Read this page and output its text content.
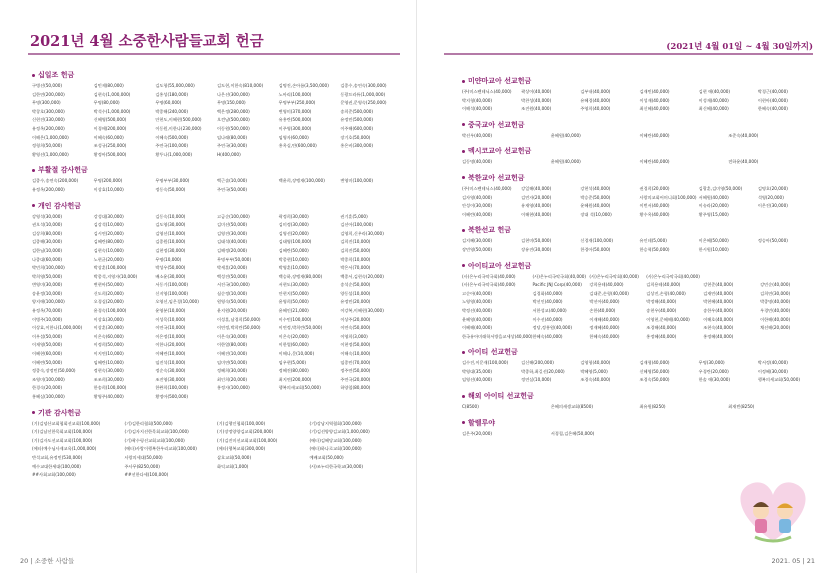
2021년 4월 소중한사람들교회 헌금
십일조 헌금
구병선(50,000)	김민제(80,000)	김도형(55,000,000)	김도현,이한숙(810,000)	김명진,손아름(3,500,000)	김종수,송연숙(300,000)
김한연(200,000)	김현숙(1,000,000)	김홍성(180,000)	나은선(300,000)	노아리(100,000)	동광프라튜(1,000,000)
무명(300,000)	무명(80,000)	무명(60,000)	무명(150,000)	무명부부(250,000)	문영권,문영숙(250,000)
박창호(300,000)	박석수(1,000,000)	박종해(240,000)	백은정(280,000)	변영미(370,000)	송희준(500,000)
신현진(330,000)	신혜영(500,000)	안현도,이혜현(500,000)	오견남(500,000)	유홍란(500,000)	유정민(500,000)
유정옥(200,000)	이경애(200,000)	이동원,이한나(230,000)	이동원(500,000)	이주영(300,000)	이주해(600,000)
이해은(1,000,000)	이혜숙(60,000)	이혜숙(500,000)	임나래(80,000)	임영자(60,000)	장기호(50,000)
정형희(50,000)	조성규(250,000)	주연국(100,000)	주연국(30,000)	홍옥실,탄(600,000)	홍은비(300,000)
황영선(1,000,000)	황정아(500,000)	황투나(1,000,000)	H(400,000)
부활절 감사헌금
김종수,송연숙(200,000)	무명(200,000)	무명부부(30,000)	백근솔(10,000)	백윤희,장엥재(100,000)	변영미(100,000)
유정옥(200,000)	이상효(10,000)	정동숙(50,000)	주연국(50,000)
개인 감사헌금
강영석(30,000)	강성대(30,000)	김동숙(10,000)	고금순(100,000)	곽정희(30,000)	권기훈(5,000)
권오석(10,000)	김강석(10,000)	김도영(30,000)	김미선(50,000)	김미정(30,000)	김선아(100,000)
김상희(80,000)	김시연(20,000)	김영선(10,000)	김영진(30,000)	김영선(20,000)	김영희,신우라(30,000)
김종해(30,000)	김혜란(80,000)	김종원(10,000)	김태석(40,000)	김태영(100,000)	김희진(10,000)
김한님(10,000)	김현숙(10,000)	김현정(30,000)	김해정(20,000)	김혜란(50,000)	김희진(50,000)
나종대(60,000)	노현균(20,000)	무명(10,000)	무명부부(50,000)	박종현(10,000)	박종희(10,000)
박민희(100,000)	박상훈(100,000)	박성우(50,000)	박세훈(20,000)	박영훈(10,000)	박은서(70,000)
박희영(50,000)	박종석,지영자(10,000)	배소윤(30,000)	백성진(50,000)	백승하,장엥재(80,000)	백종서,김현숙(20,000)
변영미(30,000)	변현아(50,000)	서동기(100,000)	서진국(100,000)	서현도(30,000)	송석순(50,000)
송윤정(10,000)	신도희(20,000)	신지영(100,000)	심순정(10,000)	안현지(50,000)	양동섭(10,000)
양지애(100,000)	오경실(20,000)	오영선,임은경(10,000)	원영숙(50,000)	윤영희(50,000)	유정민(20,000)
유정옥(70,000)	윤경숙(100,000)	윤영분(10,000)	윤지원(20,000)	윤혜인(21,000)	이강복,이혜현(30,000)
이병주(10,000)	이상효(30,000)	이성목(10,000)	이성훈,남경희(50,000)	이수민(100,000)	이상주(20,000)
이상효,이한나(1,000,000)	이상훈(30,000)	이연국(10,000)	이연정,박희란(50,000)	이연정,박희란(50,000)	이연숙(50,000)
이우섭(50,000)	이은숙(60,000)	이은정(10,000)	이은숙(30,000)	이은숙(20,000)	이영희(3,000)
이재영(50,000)	이정희(50,000)	이한나(20,000)	이한열(80,000)	이한열(60,000)	이현정(50,000)
이혜현(60,000)	이지연(10,000)	이혜련(10,000)	이혜진(10,000)	이해나,문(10,000)	이해숙(10,000)
이혜련(50,000)	임혜란(10,000)	임진석(10,000)	임미연(50,000)	임우현(5,000)	임종민(70,000)
정종숙,장정민(50,000)	정현숙(30,000)	정순숙(30,000)	정혜희(30,000)	정혜진(80,000)	정주연(50,000)
조영미(100,000)	조조희(30,000)	조진영(30,000)	최인희(20,000)	최지연(200,000)	주연국(20,000)
한경숙(20,000)	한송희(100,000)	한완희(100,000)	홍정자(100,000)	행복의새교회(50,000)	하양철(80,000)
홍혜실(100,000)	황영주(40,000)	황정아(500,000)
기관 감사헌금
(기)김녕산교회협회선교회(100,000)	(기)김한리협회(500,000)	(기)김행인협회(100,000)	(기)강남지역협회(100,000)
(기)김남선한목회교회(100,000)	(기)김자지선한목회교회(100,000)	(기)장정양양김교회(200,000)	(기)김선양양김교회(1,000,000)
(기)김자도선교회교회(100,000)	(기)곽수평선교회교회(100,000)	(기)김진미선교회교회(100,000)	(에타)김혜당교회(100,000)
(에타)예수님사제교육(1,000,000)	(에타)사랑이행복한우리교회(100,000)	(에타)행복교회(300,000)	(에타)하나로교회(100,000)
반석교회,유정민(530,000)	사랑의세대(50,000)	삼호교회(50,000)	예배교회(50,000)
예수교대한세대(100,000)	주사무(8250,000)	화익교회(1,000)	(사)조누리한국학교(30,000)
##사회교회(100,000)	##선한다세(100,000)
20 | 소중한 사람들
(2021년 4월 01일 ~ 4월 30일까지)
미얀마교아 선교헌금
(주)미스펜테닉스(40,000)	곽상이(40,000)	김부내(40,000)	김재민(40,000)	김현 애(40,000)	박경근(40,000)
박지형(40,000)	박찬성(40,000)	유혜경(40,000)	이성재(40,000)	이성재(40,000)	이현아(40,000)
이해석(40,000)	조진원(40,000)	주영희(40,000)	최신혜(40,000)	최신혜(40,000)	한혜숙(40,000)
중국교아 선교헌금
박선우(40,000)	윤혜원(40,000)	이혜란(40,000)	조준숙(40,000)
멕시코교아 선교헌금
김동명(40,000)	윤혜원(40,000)	이혜란(40,000)	전하윤(40,000)
북한교아 선교헌금
(주)미스펜테닉스(40,000)	강일해(40,000)	강현석(40,000)	권경희(20,000)	김광훈,김미영(50,000)	김명호(20,000)
김자영(40,000)	김민자(20,000)	박승준(50,000)	사랑의교회어머니회(100,000) 서혜원(40,000)	석영(20,000)
안성이(30,000)	유재영(40,000)	윤혜원(40,000)	이번서(40,000)	이슈라(20,000)	이은진(30,000)
이혜란(40,000)	이해현(40,000)	장대 석(10,000)	황수옥(40,000)	황주영(15,000)
북한선교 헌금
김지혜(30,000)	김현미(50,000)	신경재(100,000)	유인데(5,000)	이은혜(50,000)	정승아(50,000)
장민영(50,000)	장유진(30,000)	한경아(50,000)	한승혁(50,000)	한시원(10,000)
아이티교아 선교헌금
(사)은누리국악국회(40,000)	(사)은누리국악국회(40,000) (사)은누리국악회(40,000)	(사)은누리국악국회(40,000)
(사)은누리국악국회(40,000)	Pacific JNJ Corp(40,000)	강희용테(40,000)	김희용테(40,000)	강현준(40,000)	강민순(40,000)
고순아(40,000)	김경화(40,000)	김대준,손형(40,000)	김상진,손형(40,000)	김재민(40,000)	김희연(30,000)
노영영(40,000)	박선인(40,000)	박선아(40,000)	박정해(40,000)	박현혜(40,000)	박종명(40,000)
박정선(40,000)	서한성교(40,000)	손한(40,000)	송현우(40,000)	송한우(40,000)	우경민(40,000)
윤혜영(40,000)	이수선(40,000)	이재해(40,000)	이영현,문혜해(40,000)	이해호(40,000)	이한해(40,000)
이혜해(40,000)	정당,정흥원(40,000)	정재혜(40,000)	조경해(40,000)	조현숙(40,000)	채선해(20,000)
한국유아미래학서방을교세상(40,000) 한혜숙(40,000)	한혜숙(40,000)	홍정혜(40,000)	홍정혜(40,000)
아이티 선교헌금
김수진,이문재(100,000)	김신해(200,000)	김영형(40,000)	김재형(40,000)	무명(30,000)	박서정(40,000)
박영대(35,000)	박종하,최길선(20,000)	박혜영(5,000)	신혜영(50,000)	우경란(20,000)	이정혜(30,000)
임영선(40,000)	정연실(10,000)	조경숙(40,000)	조경숙(50,000)	한솔 애(30,000)	행복의세교회(50,000)
해외 아이티 선교헌금
C(8500)	은혜의새생교회(8500)	최유원(8250)	최재빈(8250)
할렐루야
김은주(20,000)	서경철,김은혜(50,000)
2021. 05 | 21
